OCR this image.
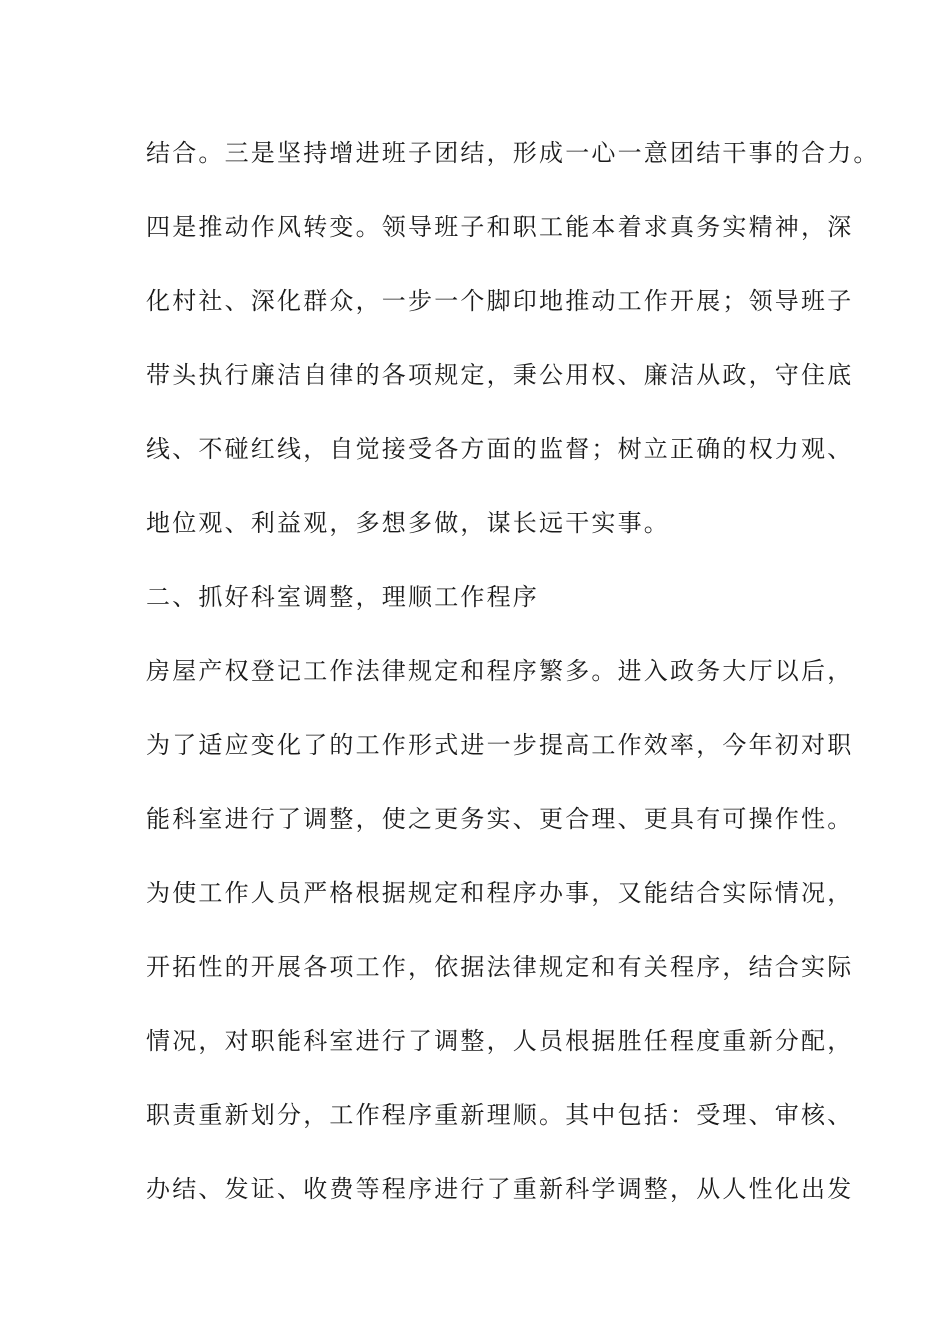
结合。三是坚持增进班子团结，形成一心一意团结干事的合力。
四是推动作风转变。领导班子和职工能本着求真务实精神，深
化村社、深化群众，一步一个脚印地推动工作开展；领导班子
带头执行廉洁自律的各项规定，秉公用权、廉洁从政，守住底
线、不碰红线，自觉接受各方面的监督；树立正确的权力观、
地位观、利益观，多想多做，谋长远干实事。
二、抓好科室调整，理顺工作程序
房屋产权登记工作法律规定和程序繁多。进入政务大厅以后，
为了适应变化了的工作形式进一步提高工作效率，今年初对职
能科室进行了调整，使之更务实、更合理、更具有可操作性。
为使工作人员严格根据规定和程序办事，又能结合实际情况，
开拓性的开展各项工作，依据法律规定和有关程序，结合实际
情况，对职能科室进行了调整，人员根据胜任程度重新分配，
职责重新划分，工作程序重新理顺。其中包括：受理、审核、
办结、发证、收费等程序进行了重新科学调整，从人性化出发
